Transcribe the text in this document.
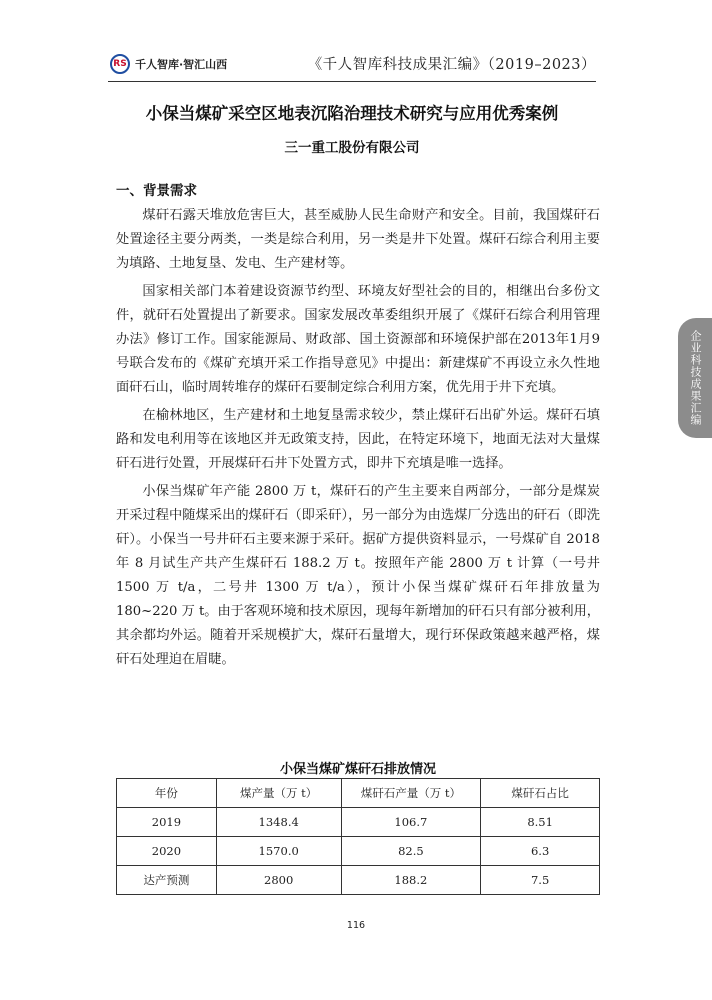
RS 千人智库·智汇山西	《千人智库科技成果汇编》（2019–2023）
企业科技成果汇编
小保当煤矿采空区地表沉陷治理技术研究与应用优秀案例
三一重工股份有限公司
一、背景需求

煤矸石露天堆放危害巨大，甚至威胁人民生命财产和安全。目前，我国煤矸石处置途径主要分两类，一类是综合利用，另一类是井下处置。煤矸石综合利用主要为填路、土地复垦、发电、生产建材等。

国家相关部门本着建设资源节约型、环境友好型社会的目的，相继出台多份文件，就矸石处置提出了新要求。国家发展改革委组织开展了《煤矸石综合利用管理办法》修订工作。国家能源局、财政部、国土资源部和环境保护部在2013年1月9号联合发布的《煤矿充填开采工作指导意见》中提出：新建煤矿不再设立永久性地面矸石山，临时周转堆存的煤矸石要制定综合利用方案，优先用于井下充填。

在榆林地区，生产建材和土地复垦需求较少，禁止煤矸石出矿外运。煤矸石填路和发电利用等在该地区并无政策支持，因此，在特定环境下，地面无法对大量煤矸石进行处置，开展煤矸石井下处置方式，即井下充填是唯一选择。

小保当煤矿年产能 2800 万 t，煤矸石的产生主要来自两部分，一部分是煤炭开采过程中随煤采出的煤矸石（即采矸），另一部分为由选煤厂分选出的矸石（即洗矸）。小保当一号井矸石主要来源于采矸。据矿方提供资料显示，一号煤矿自 2018 年 8 月试生产共产生煤矸石 188.2 万 t。按照年产能 2800 万 t 计算（一号井 1500 万 t/a，二号井 1300 万 t/a），预计小保当煤矿煤矸石年排放量为 180~220 万 t。由于客观环境和技术原因，现每年新增加的矸石只有部分被利用，其余都均外运。随着开采规模扩大，煤矸石量增大，现行环保政策越来越严格，煤矸石处理迫在眉睫。

小保当煤矿煤矸石排放情况
年份	煤产量（万 t）	煤矸石产量（万 t）	煤矸石占比
2019	1348.4	106.7	8.51
2020	1570.0	82.5	6.3
达产预测	2800	188.2	7.5
116
